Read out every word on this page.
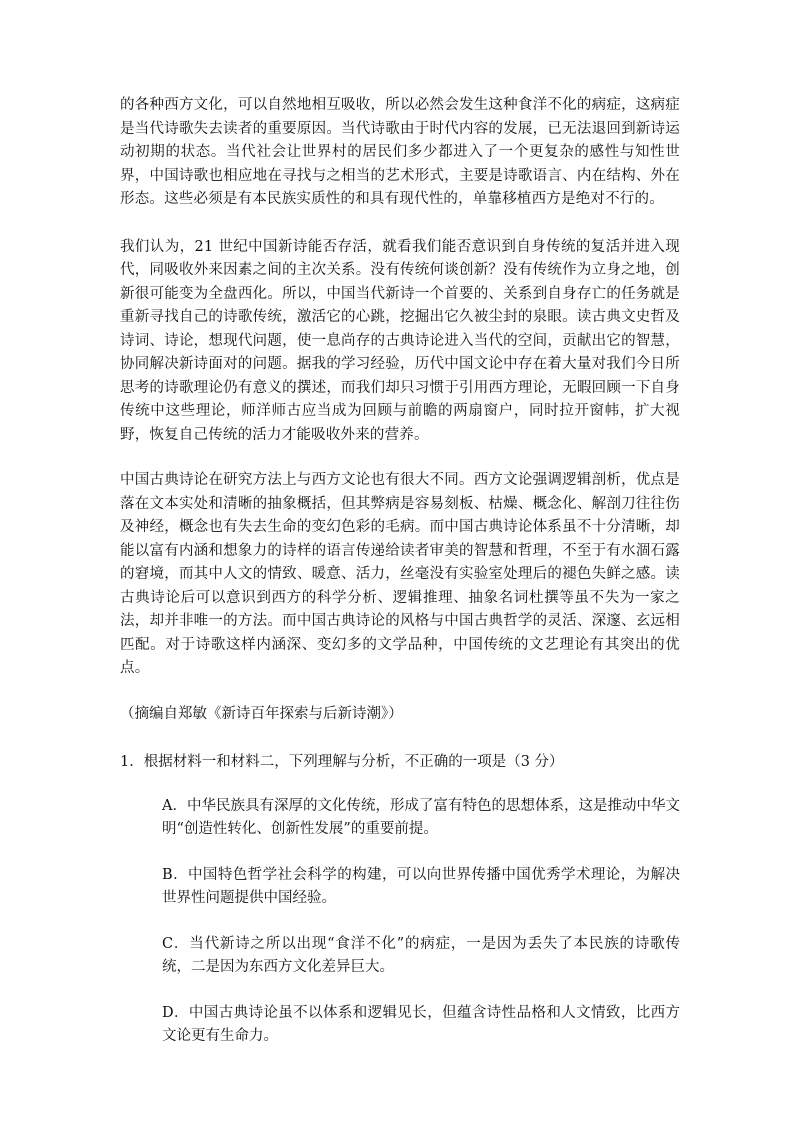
的各种西方文化，可以自然地相互吸收，所以必然会发生这种食洋不化的病症，这病症是当代诗歌失去读者的重要原因。当代诗歌由于时代内容的发展，已无法退回到新诗运动初期的状态。当代社会让世界村的居民们多少都进入了一个更复杂的感性与知性世界，中国诗歌也相应地在寻找与之相当的艺术形式，主要是诗歌语言、内在结构、外在形态。这些必须是有本民族实质性的和具有现代性的，单靠移植西方是绝对不行的。

我们认为，21 世纪中国新诗能否存活，就看我们能否意识到自身传统的复活并进入现代，同吸收外来因素之间的主次关系。没有传统何谈创新？没有传统作为立身之地，创新很可能变为全盘西化。所以，中国当代新诗一个首要的、关系到自身存亡的任务就是重新寻找自己的诗歌传统，激活它的心跳，挖掘出它久被尘封的泉眼。读古典文史哲及诗词、诗论，想现代问题，使一息尚存的古典诗论进入当代的空间，贡献出它的智慧，协同解决新诗面对的问题。据我的学习经验，历代中国文论中存在着大量对我们今日所思考的诗歌理论仍有意义的撰述，而我们却只习惯于引用西方理论，无暇回顾一下自身传统中这些理论，师洋师古应当成为回顾与前瞻的两扇窗户，同时拉开窗帏，扩大视野，恢复自己传统的活力才能吸收外来的营养。

中国古典诗论在研究方法上与西方文论也有很大不同。西方文论强调逻辑剖析，优点是落在文本实处和清晰的抽象概括，但其弊病是容易刻板、枯燥、概念化、解剖刀往往伤及神经，概念也有失去生命的变幻色彩的毛病。而中国古典诗论体系虽不十分清晰，却能以富有内涵和想象力的诗样的语言传递给读者审美的智慧和哲理，不至于有水涸石露的窘境，而其中人文的情致、暖意、活力，丝毫没有实验室处理后的褪色失鲜之感。读古典诗论后可以意识到西方的科学分析、逻辑推理、抽象名词杜撰等虽不失为一家之法，却并非唯一的方法。而中国古典诗论的风格与中国古典哲学的灵活、深邃、玄远相匹配。对于诗歌这样内涵深、变幻多的文学品种，中国传统的文艺理论有其突出的优点。

（摘编自郑敏《新诗百年探索与后新诗潮》）

1．根据材料一和材料二，下列理解与分析，不正确的一项是（3 分）

A．中华民族具有深厚的文化传统，形成了富有特色的思想体系，这是推动中华文明“创造性转化、创新性发展”的重要前提。

B．中国特色哲学社会科学的构建，可以向世界传播中国优秀学术理论，为解决世界性问题提供中国经验。

C．当代新诗之所以出现“食洋不化”的病症，一是因为丢失了本民族的诗歌传统，二是因为东西方文化差异巨大。

D．中国古典诗论虽不以体系和逻辑见长，但蕴含诗性品格和人文情致，比西方文论更有生命力。
